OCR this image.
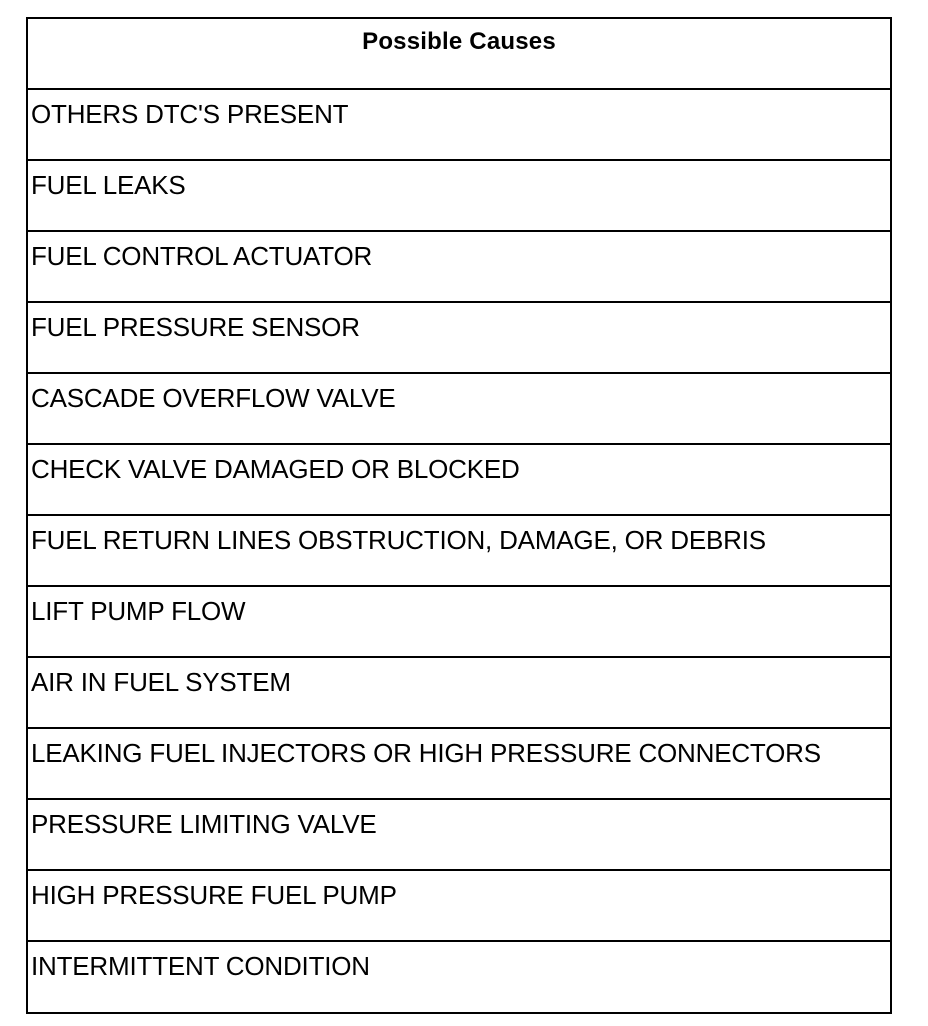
Possible Causes
OTHERS DTC'S PRESENT
FUEL LEAKS
FUEL CONTROL ACTUATOR
FUEL PRESSURE SENSOR
CASCADE OVERFLOW VALVE
CHECK VALVE DAMAGED OR BLOCKED
FUEL RETURN LINES OBSTRUCTION, DAMAGE, OR DEBRIS
LIFT PUMP FLOW
AIR IN FUEL SYSTEM
LEAKING FUEL INJECTORS OR HIGH PRESSURE CONNECTORS
PRESSURE LIMITING VALVE
HIGH PRESSURE FUEL PUMP
INTERMITTENT CONDITION
